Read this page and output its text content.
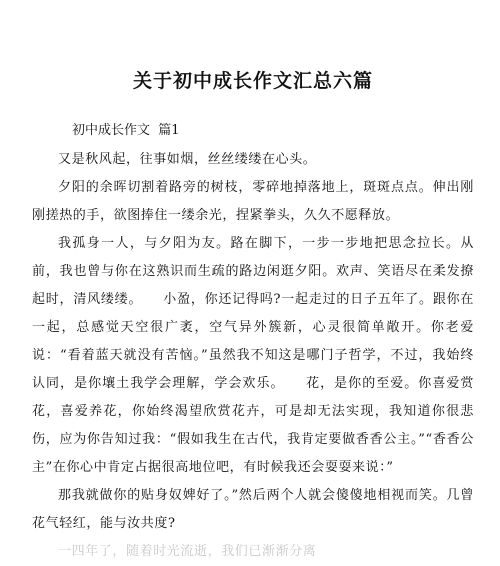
关于初中成长作文汇总六篇
初中成长作文  篇1

又是秋风起，往事如烟，丝丝缕缕在心头。

夕阳的余晖切割着路旁的树枝，零碎地掉落地上，斑斑点点。伸出刚刚搓热的手，欲图捧住一缕余光，捏紧拳头，久久不愿释放。

我孤身一人，与夕阳为友。路在脚下，一步一步地把思念拉长。从前，我也曾与你在这熟识而生疏的路边闲逛夕阳。欢声、笑语尽在柔发撩起时，清风缕缕。　　小盈，你还记得吗?一起走过的日子五年了。跟你在一起，总感觉天空很广袤，空气异外簇新，心灵很简单敞开。你老爱说：“看着蓝天就没有苦恼。”虽然我不知这是哪门子哲学，不过，我始终认同，是你壤土我学会理解，学会欢乐。　　花，是你的至爱。你喜爱赏花，喜爱养花，你始终渴望欣赏花卉，可是却无法实现，我知道你很悲伤，应为你告知过我：“假如我生在古代，我肯定要做香香公主。”“香香公主”在你心中肯定占据很高地位吧，有时候我还会耍耍来说：”

那我就做你的贴身奴婢好了。”然后两个人就会傻傻地相视而笑。几曾花气轻红，能与汝共度?

一四年了，随着时光流逝，我们已渐渐分离
